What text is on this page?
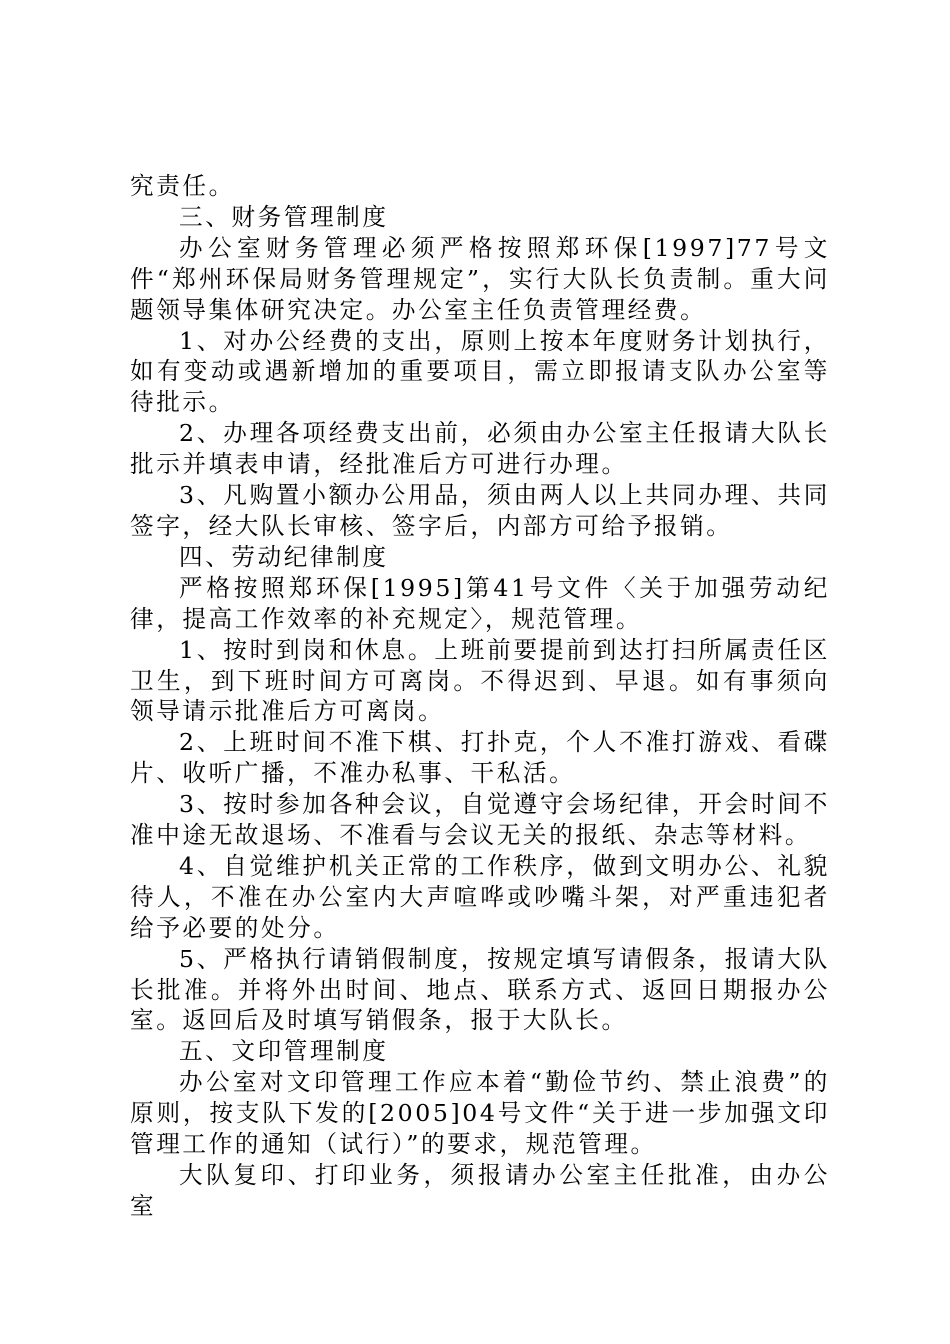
究责任。

三、财务管理制度

办公室财务管理必须严格按照郑环保[1997]77号文件“郑州环保局财务管理规定”，实行大队长负责制。重大问题领导集体研究决定。办公室主任负责管理经费。

1、对办公经费的支出，原则上按本年度财务计划执行，如有变动或遇新增加的重要项目，需立即报请支队办公室等待批示。

2、办理各项经费支出前，必须由办公室主任报请大队长批示并填表申请，经批准后方可进行办理。

3、凡购置小额办公用品，须由两人以上共同办理、共同签字，经大队长审核、签字后，内部方可给予报销。

四、劳动纪律制度

严格按照郑环保[1995]第41号文件〈关于加强劳动纪律，提高工作效率的补充规定〉，规范管理。

1、按时到岗和休息。上班前要提前到达打扫所属责任区卫生，到下班时间方可离岗。不得迟到、早退。如有事须向领导请示批准后方可离岗。

2、上班时间不准下棋、打扑克，个人不准打游戏、看碟片、收听广播，不准办私事、干私活。

3、按时参加各种会议，自觉遵守会场纪律，开会时间不准中途无故退场、不准看与会议无关的报纸、杂志等材料。

4、自觉维护机关正常的工作秩序，做到文明办公、礼貌待人，不准在办公室内大声喧哗或吵嘴斗架，对严重违犯者给予必要的处分。

5、严格执行请销假制度，按规定填写请假条，报请大队长批准。并将外出时间、地点、联系方式、返回日期报办公室。返回后及时填写销假条，报于大队长。

五、文印管理制度

办公室对文印管理工作应本着“勤俭节约、禁止浪费”的原则，按支队下发的[2005]04号文件“关于进一步加强文印管理工作的通知（试行）”的要求，规范管理。

大队复印、打印业务，须报请办公室主任批准，由办公室
